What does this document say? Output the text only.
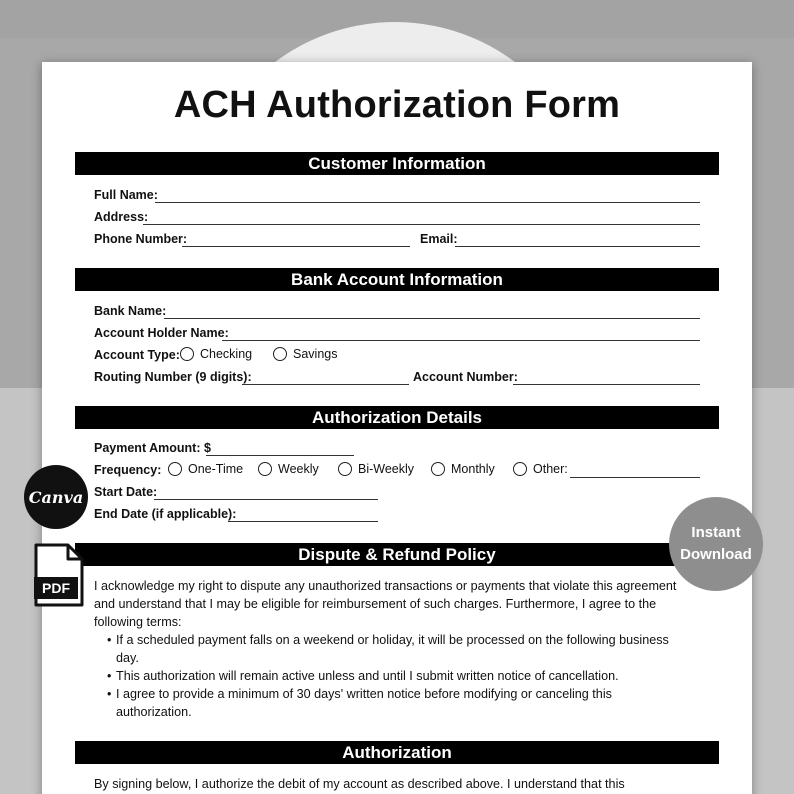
ACH Authorization Form
Customer Information
Full Name:
Address:
Phone Number:	Email:
Bank Account Information
Bank Name:
Account Holder Name:
Account Type: Checking	Savings
Routing Number (9 digits):	Account Number:
Authorization Details
Payment Amount: $
Frequency: One-Time	Weekly	Bi-Weekly	Monthly	Other:
Start Date:
End Date (if applicable):
Dispute & Refund Policy
I acknowledge my right to dispute any unauthorized transactions or payments that violate this agreement
and understand that I may be eligible for reimbursement of such charges. Furthermore, I agree to the
following terms:
• If a scheduled payment falls on a weekend or holiday, it will be processed on the following business
day.
• This authorization will remain active unless and until I submit written notice of cancellation.
• I agree to provide a minimum of 30 days' written notice before modifying or canceling this
authorization.
Authorization
By signing below, I authorize the debit of my account as described above. I understand that this
Canva
PDF
Instant
Download
